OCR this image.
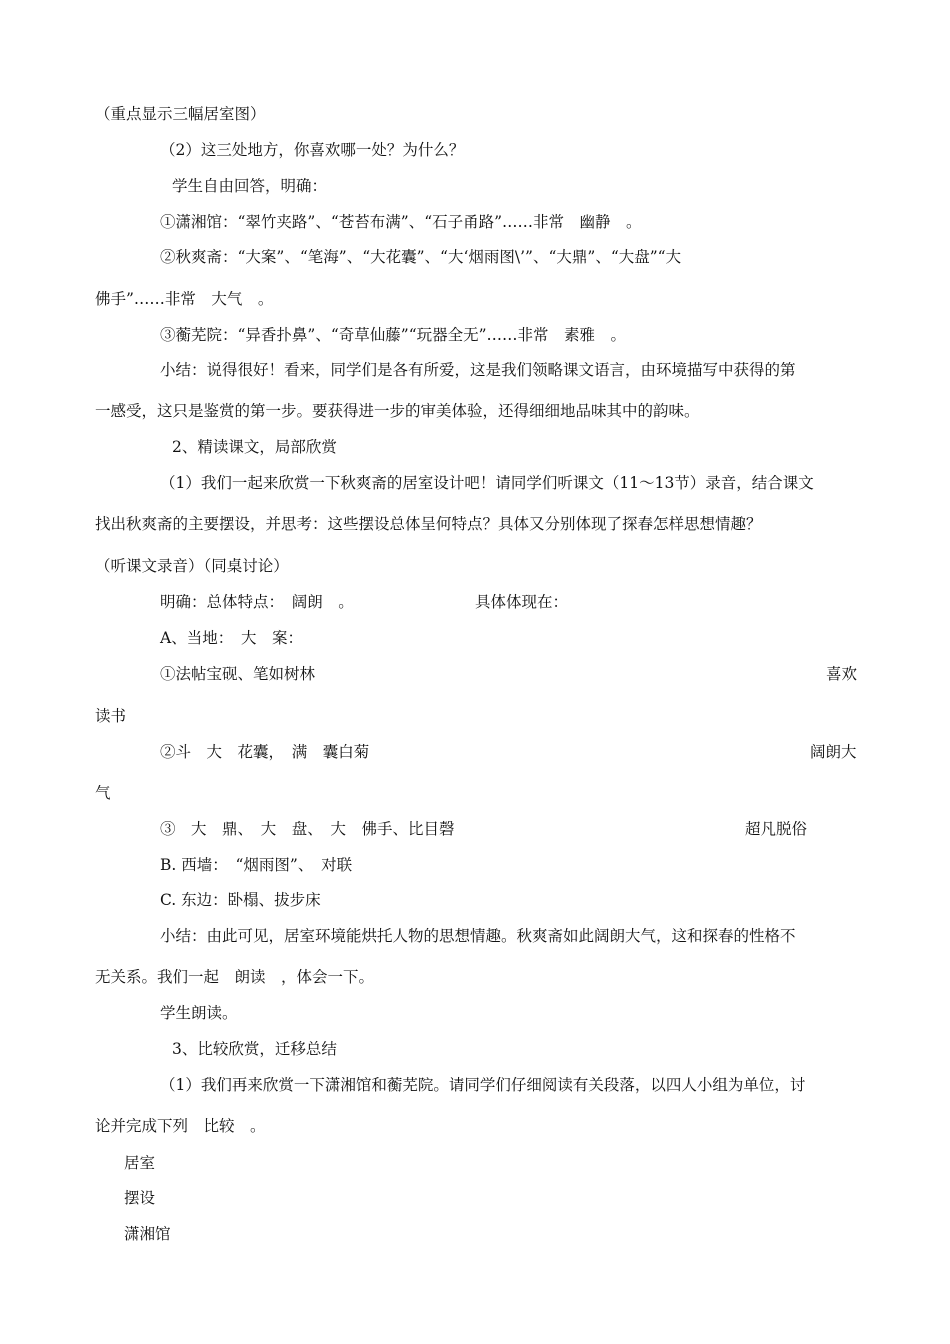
（重点显示三幅居室图）
（2）这三处地方，你喜欢哪一处？为什么？
学生自由回答，明确：
①潇湘馆：“翠竹夹路”、“苍苔布满”、“石子甬路”……非常　幽静　。
②秋爽斋：“大案”、“笔海”、“大花囊”、“大‘烟雨图\’”、“大鼎”、“大盘”“大
佛手”……非常　大气　。
③蘅芜院：“异香扑鼻”、“奇草仙藤”“玩器全无”……非常　素雅　。
小结：说得很好！看来，同学们是各有所爱，这是我们领略课文语言，由环境描写中获得的第
一感受，这只是鉴赏的第一步。要获得进一步的审美体验，还得细细地品味其中的韵味。
2、精读课文，局部欣赏
（1）我们一起来欣赏一下秋爽斋的居室设计吧！请同学们听课文（11～13节）录音，结合课文
找出秋爽斋的主要摆设，并思考：这些摆设总体呈何特点？具体又分别体现了探春怎样思想情趣？
（听课文录音）（同桌讨论）
明确：总体特点：　阔朗　。	具体体现在：
A、当地：　大　案：
①法帖宝砚、笔如树林	喜欢
读书
②斗　大　花囊，　满　囊白菊	阔朗大
气
③　大　鼎、　大　盘、　大　佛手、比目磬	超凡脱俗
B. 西墙：　“烟雨图”、　对联
C. 东边：卧榻、拔步床
小结：由此可见，居室环境能烘托人物的思想情趣。秋爽斋如此阔朗大气，这和探春的性格不
无关系。我们一起　朗读　，体会一下。
学生朗读。
3、比较欣赏，迁移总结
（1）我们再来欣赏一下潇湘馆和蘅芜院。请同学们仔细阅读有关段落，以四人小组为单位，讨
论并完成下列　比较　。
居室
摆设
潇湘馆
